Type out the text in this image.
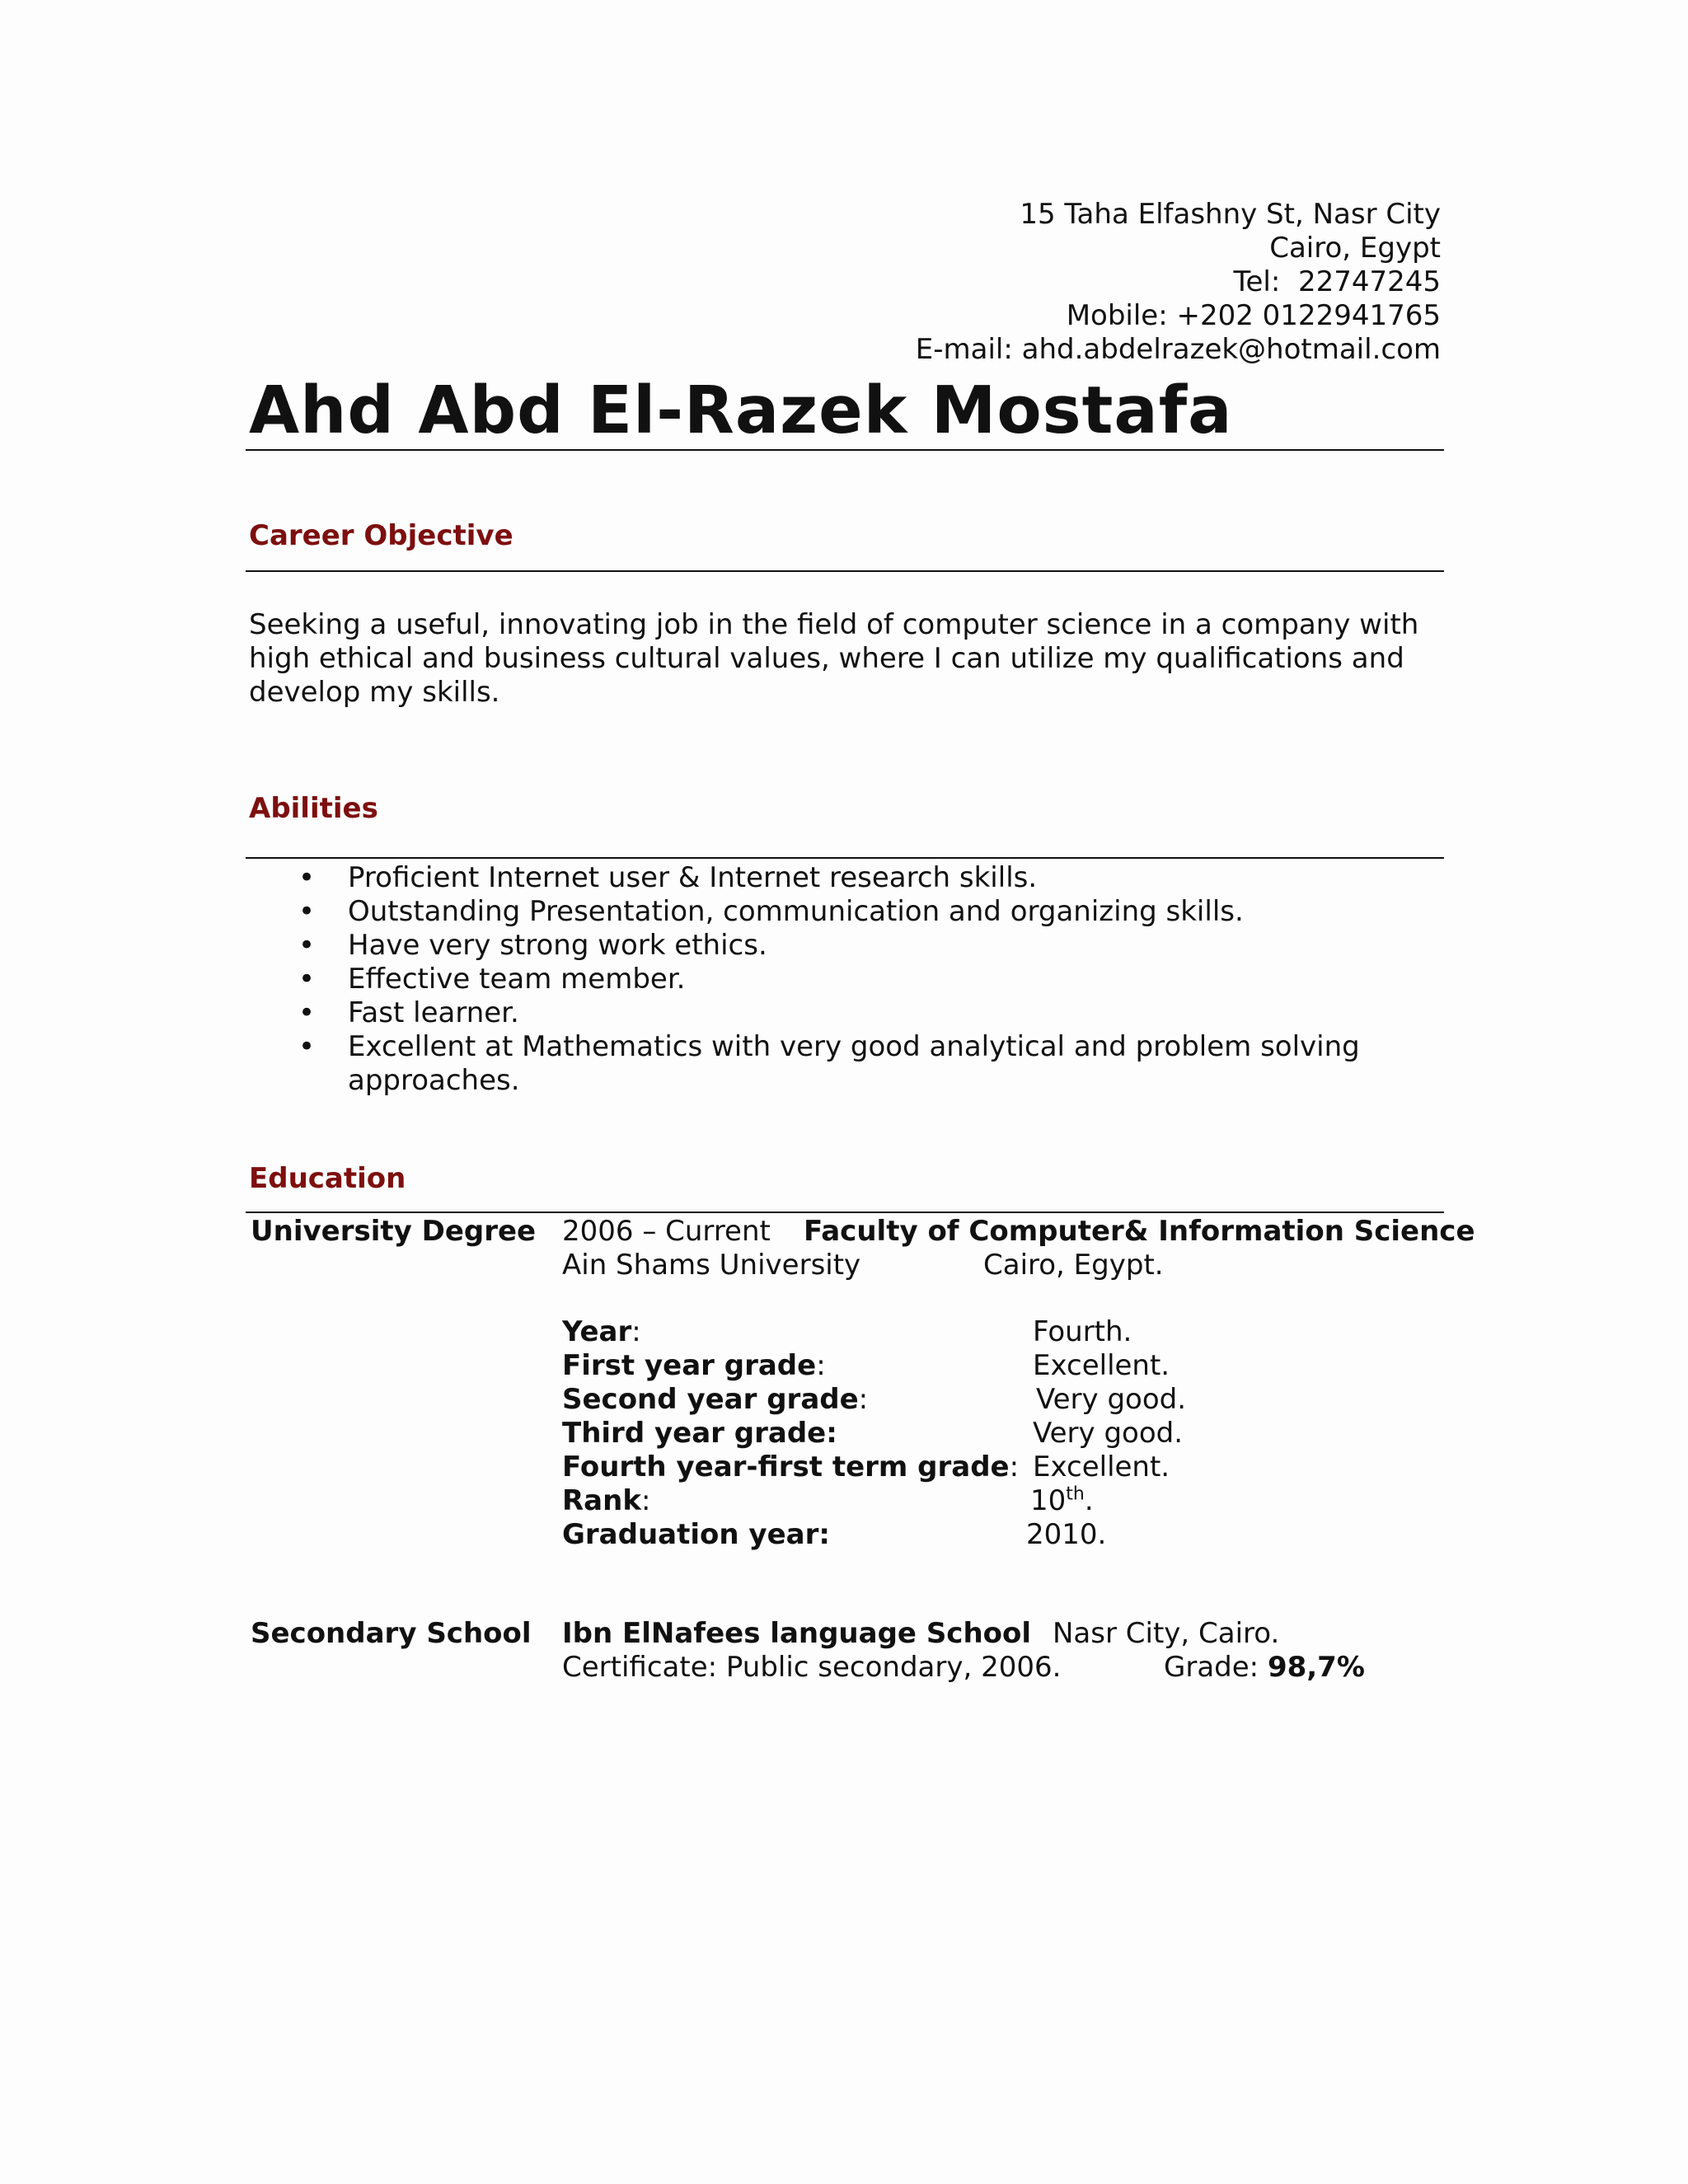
15 Taha Elfashny St, Nasr City
Cairo, Egypt
Tel:  22747245
Mobile: +202 0122941765
E-mail: ahd.abdelrazek@hotmail.com
Ahd Abd El-Razek Mostafa
Career Objective
Seeking a useful, innovating job in the field of computer science in a company with
high ethical and business cultural values, where I can utilize my qualifications and
develop my skills.
Abilities
• Proficient Internet user & Internet research skills.
• Outstanding Presentation, communication and organizing skills.
• Have very strong work ethics.
• Effective team member.
• Fast learner.
• Excellent at Mathematics with very good analytical and problem solving
approaches.
Education
University Degree 2006 – Current Faculty of Computer& Information Science
Ain Shams University	Cairo, Egypt.
Year:	Fourth.
First year grade:	Excellent.
Second year grade:	Very good.
Third year grade:	Very good.
Fourth year-first term grade: Excellent.
Rank:	10th.
Graduation year:	2010.
Secondary School Ibn ElNafees language School Nasr City, Cairo.
Certificate: Public secondary, 2006.	Grade: 98,7%
